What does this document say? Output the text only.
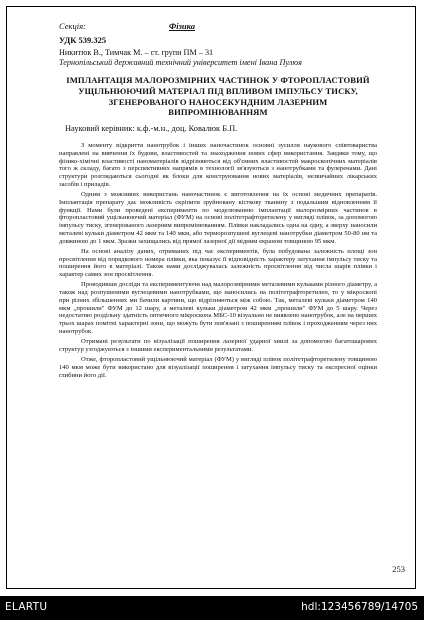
Секція:	Фізика
УДК 539.325
Никитюк В., Тимчак М. – ст. групи ПМ – 31
Тернопільський державний технічний університет імені Івана Пулюя
ІМПЛАНТАЦІЯ МАЛОРОЗМІРНИХ ЧАСТИНОК У ФТОРОПЛАСТОВИЙ УЩІЛЬНЮЮЧИЙ МАТЕРІАЛ ПІД ВПЛИВОМ ІМПУЛЬСУ ТИСКУ, ЗГЕНЕРОВАНОГО НАНОСЕКУНДНИМ ЛАЗЕРНИМ ВИПРОМІНЮВАННЯМ
Науковий керівник: к.ф.-м.н., доц. Ковалюк Б.П.

З моменту відкриття нанотрубок і інших наночастинок основні зусилля наукового співтовариства направлені на вивчення їх будови, властивостей та знаходження нових сфер використання. Завдяки тому, що фізико-хімічні властивості наноматеріалів відрізняються від об'ємних властивостей макроскопічних матеріалів того ж складу, багато з перспективних напрямів в технології зв'язуються з нанотрубками та фулеренами. Дані структури розглядаються сьогодні як блоки для конструювання нових матеріалів, незвичайних лікарських засобів і приладів.

Одним з можливих використань наночастинок є виготовлення на їх основі медичних препаратів. Імплантація препарату дає можливість скріпити зруйновану кісткову тканину з подальшим відновленням її функції. Нами були проведені експерименти по моделюванню імплантації малорозмірних частинок в фторопластовий ущільнюючий матеріал (ФУМ) на основі політетрафторетилену у вигляді плівок, за допомогою імпульсу тиску, згенерованого лазерним випромінюванням. Плівки накладались одна на одну, а зверху наносили металеві кульки діаметром 42 мкм та 140 мкм, або терморозпушені вуглецеві нанотрубки діаметром 50-80 нм та довжиною до 1 мкм. Зразки захищались від прямої лазерної дії мідним екраном товщиною 95 мкм.

На основі аналізу даних, отриманих під час експериментів, була побудована залежність площі зон просвітлення від порядкового номера плівки, яка показує її відповідність характеру затухання імпульсу тиску та поширення його в матеріалі. Також нами досліджувалась залежність просвітлення від числа шарів плівки і характер самих зон просвітлення.

Проводивши досліди та експериментуючи над малорозмірними металевими кульками різного діаметру, а також над розпушеними вуглецевими нанотрубками, що наносились на політетрафторетилен, то у мікроскопі при різних збільшеннях ми бачили картини, що відрізняються між собою. Так, металеві кульки діаметром 140 мкм „прошили" ФУМ до 12 шару, а металеві кульки діаметром 42 мкм „прошили" ФУМ до 5 шару. Через недостатню роздільну здатність оптичного мікроскопа МБС-10 візуально не виявлено нанотрубок, але на перших трьох шарах помітні характерні зони, що можуть бути пов'язані з поширенням плівок і проходженням через них нанотрубок.

Отримані результати по візуалізації поширення лазерної ударної хвилі за допомогою багатошарових структур узгоджуються з іншими експериментальними результатами.

Отже, фторопластовий ущільнюючий матеріал (ФУМ) у вигляді плівок політетрафторетилену товщиною 140 мкм може бути використано для візуалізації поширення і затухання імпульсу тиску та експресної оцінки глибини його дії.

253
ELARTU	hdl:123456789/14705
